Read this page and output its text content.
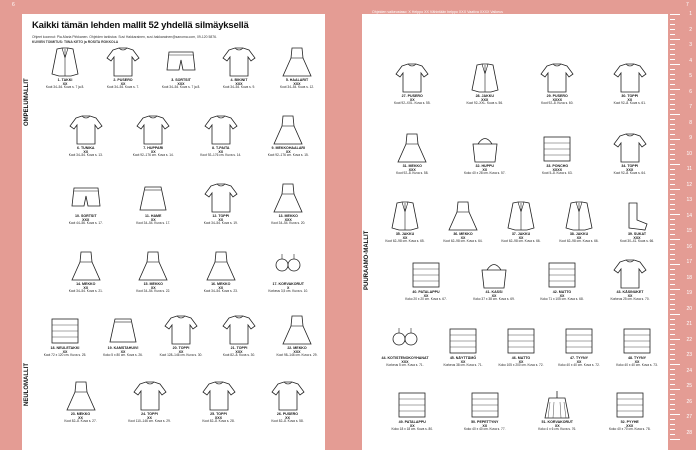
Kaikki tämän lehden mallit 52 yhdellä silmäyksellä
Ohjeet koonnut: Pia-Maria Pirkkanen. Ohjeiden tarkistus: Suvi Hakkarainen, suvi.hakkarainen@sanoma.com, 09-120 5876.
KUVIEN TOIMITUS: TIINA KETO ja ROSITA ROKKOLA
OMPELUMALLIT
NEULOMALLIT
1. TAKKI
XX
Koot 34–54. Kuva s. 7 ja 8.
2. PUSERO
XX
Koot 34–54. Kuva s. 7.
3. SORTSIT
XXX
Koot 34–54. Kuva s. 7 ja 8.
4. BIKINIT
XXX
Koot 34–54. Kuva s. 9.
5. HAALARIT
XXX
Koot 34–54. Kuva s. 12.
6. TUNIKA
XX
Koot 34–54. Kuva s. 13.
7. HUPPARI
XX
Koot 92–176 cm. Kuva s. 14.
8. T-PAITA
XX
Koot 92–176 cm. Kuva s. 14.
9. MEKKOHAALARI
XX
Koot 92–176 cm. Kuva s. 15.
10. SORTSIT
XXX
Koot 44–56. Kuva s. 17.
11. HAME
XX
Koot 34–54. Kuva s. 17.
12. TOPPI
XX
Koot 34–54. Kuva s. 19.
13. MEKKO
XXX
Koot 34–54. Kuva s. 20.
14. MEKKO
XX
Koot 34–54. Kuva s. 21.
15. MEKKO
XX
Koot 34–54. Kuva s. 22.
16. MEKKO
XX
Koot 34–54. Kuva s. 23.
17. KORVAKORUT
X
Korkeus 3,5 cm. Kuva s. 10.
18. NEULETAKKI
XX
Koot 72 x 120 cm. Kuva s. 25.
19. KAMSTAHUIVI
XX
Koko 5 x 80 cm. Kuva s. 26.
20. TOPPI
XX
Koot 128–146 cm. Kuva s. 30.
21. TOPPI
XXX
Koot 82–8. Kuva s. 30.
22. MEKKO
XXX
Koot 98–146 cm. Kuva s. 29.
23. MEKKO
XX
Koot 82–8. Kuva s. 27.
24. TOPPI
XX
Koot 110–146 cm. Kuva s. 29.
25. TOPPI
XXX
Koot 82–8. Kuva s. 28.
26. PUSERO
XX
Koot 82–8. Kuva s. 58.
Ohjeiden vaikeustaso: X Helppo XX Vähintään helppo XXX Vaativa XXXX Vaikeus
PUURAAMO-MALLIT
27. PUSERO
XX
Koot 92–XXL. Kuva s. 55.
28. JAKKU
XXX
Koot 92–XXL. Kuva s. 56.
29. PUSERO
XXXX
Koot 92–8. Kuva s. 60.
30. TOPPI
XX
Koot 92–8. Kuva s. 61.
31. MEKKO
XXX
Koot 92–8. Kuva s. 58.
32. HUPPU
XX
Koko 40 x 28 cm. Kuva s. 57.
33. PONCHO
XXXX
Koot 5–8. Kuva s. 63.
34. TOPPI
XXX
Koot 92–8. Kuva s. 64.
35. JAKKU
XX
Koot 62–98 cm. Kuva s. 65.
36. MEKKO
XX
Koot 62–98 cm. Kuva s. 64.
37. JAKKU
XX
Koot 62–98 cm. Kuva s. 66.
38. JAKKU
XX
Koot 62–98 cm. Kuva s. 66.
39. SUKAT
XXX
Koot 30–41. Kuva s. 66.
40. PATALAPPU
XX
Koko 20 x 20 cm. Kuva s. 67.
41. KASSI
XX
Koko 37 x 38 cm. Kuva s. 69.
42. MATTO
XX
Koko 71 x 105 cm. Kuva s. 68.
43. KÄSINUKET
XX
Korkeus 25 cm. Kuva s. 70.
44. KOTISTENOKOYHANAT
XXX
Korkeus 5 cm. Kuva s. 71.
45. NÄYTTÄMÖ
XX
Korkeus 38 cm. Kuva s. 71.
46. MATTO
XX
Koko 105 x 200 cm. Kuva s. 72.
47. TYYNY
XX
Koko 40 x 40 cm. Kuva s. 72.
48. TYYNY
XX
Koko 40 x 40 cm. Kuva s. 73.
49. PATALAPPU
XX
Koko 18 x 18 cm. Kuva s. 80.
50. PEPETTYNY
XX
Koko 40 x 40 cm. Kuva s. 77.
51. KORVAKORUT
XX
Koko 4 x 6 cm. Kuva s. 76.
52. PYYHE
XXX
Koko 40 x 70 cm. Kuva s. 78.
6	7
1
2
3
4
5
6
7
8
9
10
11
12
13
14
15
16
17
18
19
20
21
22
23
24
25
26
27
28
